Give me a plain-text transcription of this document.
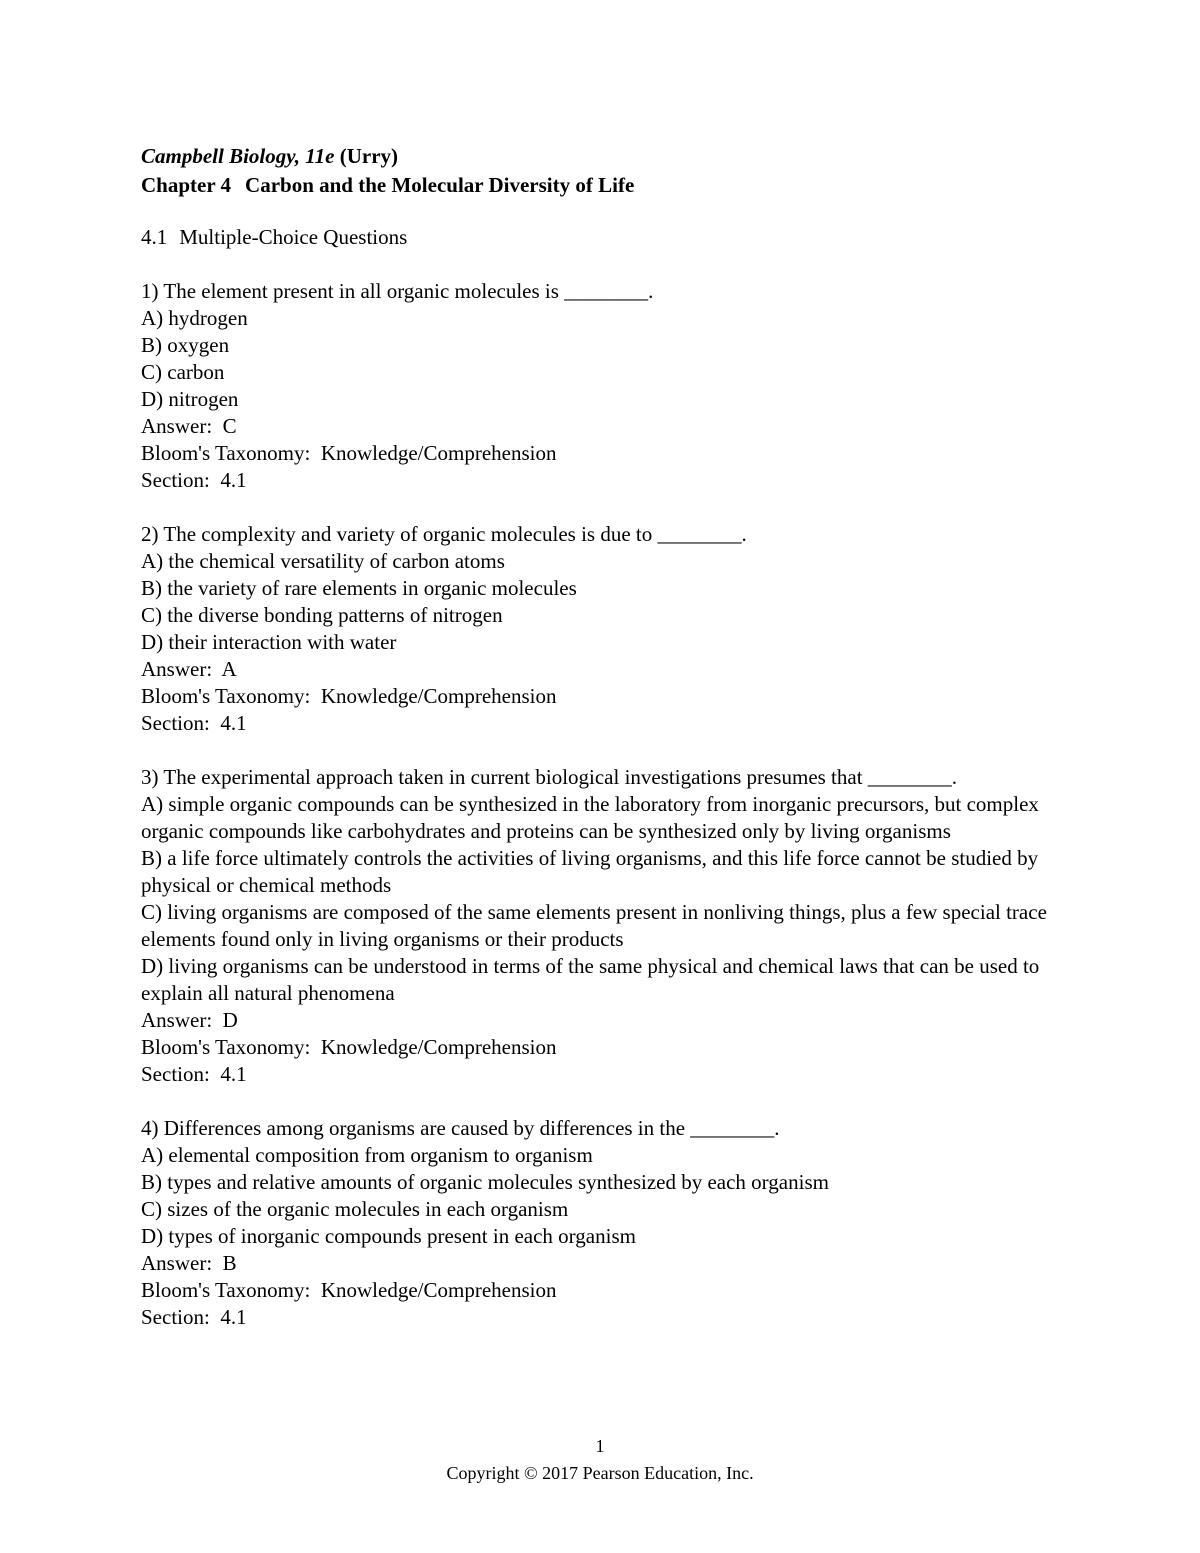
Campbell Biology, 11e (Urry)
Chapter 4 Carbon and the Molecular Diversity of Life
4.1 Multiple-Choice Questions
1) The element present in all organic molecules is ________.
A) hydrogen
B) oxygen
C) carbon
D) nitrogen
Answer:  C
Bloom's Taxonomy:  Knowledge/Comprehension
Section:  4.1
2) The complexity and variety of organic molecules is due to ________.
A) the chemical versatility of carbon atoms
B) the variety of rare elements in organic molecules
C) the diverse bonding patterns of nitrogen
D) their interaction with water
Answer:  A
Bloom's Taxonomy:  Knowledge/Comprehension
Section:  4.1
3) The experimental approach taken in current biological investigations presumes that ________.
A) simple organic compounds can be synthesized in the laboratory from inorganic precursors, but complex organic compounds like carbohydrates and proteins can be synthesized only by living organisms
B) a life force ultimately controls the activities of living organisms, and this life force cannot be studied by physical or chemical methods
C) living organisms are composed of the same elements present in nonliving things, plus a few special trace elements found only in living organisms or their products
D) living organisms can be understood in terms of the same physical and chemical laws that can be used to explain all natural phenomena
Answer:  D
Bloom's Taxonomy:  Knowledge/Comprehension
Section:  4.1
4) Differences among organisms are caused by differences in the ________.
A) elemental composition from organism to organism
B) types and relative amounts of organic molecules synthesized by each organism
C) sizes of the organic molecules in each organism
D) types of inorganic compounds present in each organism
Answer:  B
Bloom's Taxonomy:  Knowledge/Comprehension
Section:  4.1
1
Copyright © 2017 Pearson Education, Inc.
